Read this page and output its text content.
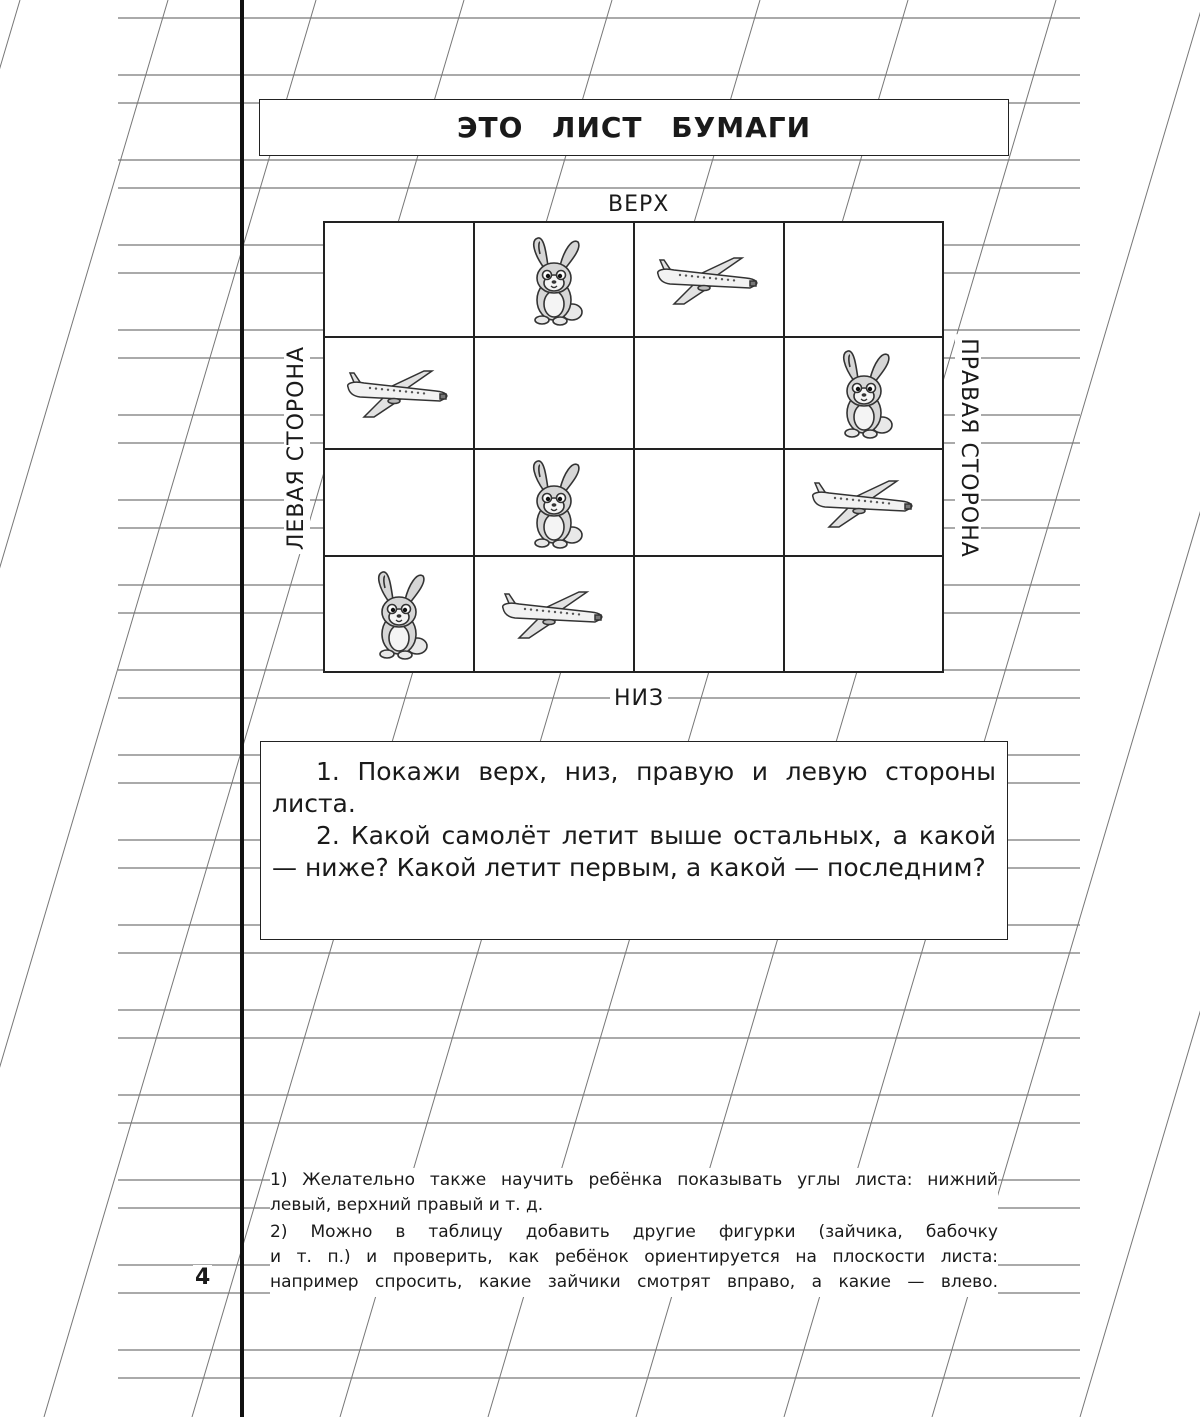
ЭТО ЛИСТ БУМАГИ
ВЕРХ
НИЗ
ЛЕВАЯ СТОРОНА	ПРАВАЯ СТОРОНА

1. Покажи верх, низ, правую и левую стороны листа.

2. Какой самолёт летит выше остальных, а какой — ниже? Какой летит первым, а какой — последним?

1) Желательно также научить ребёнка показывать углы листа: нижний
левый, верхний правый и т. д.
2) Можно в таблицу добавить другие фигурки (зайчика, бабочку
и т. п.) и проверить, как ребёнок ориентируется на плоскости листа:
например спросить, какие зайчики смотрят вправо, а какие — влево.
4
